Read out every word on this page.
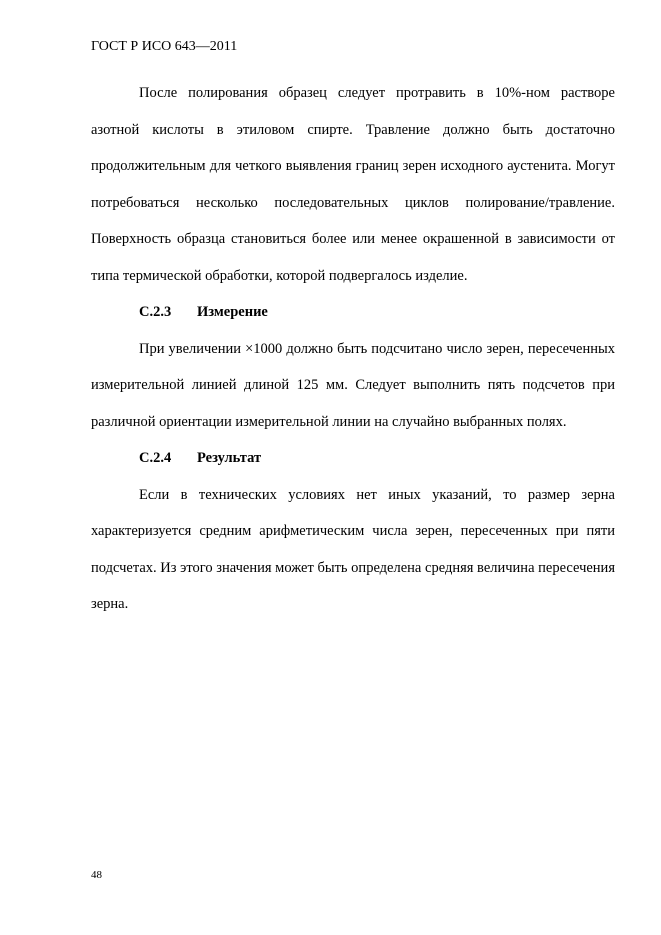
ГОСТ Р ИСО 643—2011

После полирования образец следует протравить в 10%-ном растворе азотной кислоты в этиловом спирте. Травление должно быть достаточно продолжительным для четкого выявления границ зерен исходного аустенита. Могут потребоваться несколько последовательных циклов полирование/травление. Поверхность образца становиться более или менее окрашенной в зависимости от типа термической обработки, которой подвергалось изделие.

C.2.3 Измерение

При увеличении ×1000 должно быть подсчитано число зерен, пересеченных измерительной линией длиной 125 мм. Следует выполнить пять подсчетов при различной ориентации измерительной линии на случайно выбранных полях.

C.2.4 Результат

Если в технических условиях нет иных указаний, то размер зерна характеризуется средним арифметическим числа зерен, пересеченных при пяти подсчетах. Из этого значения может быть определена средняя величина пересечения зерна.

48
